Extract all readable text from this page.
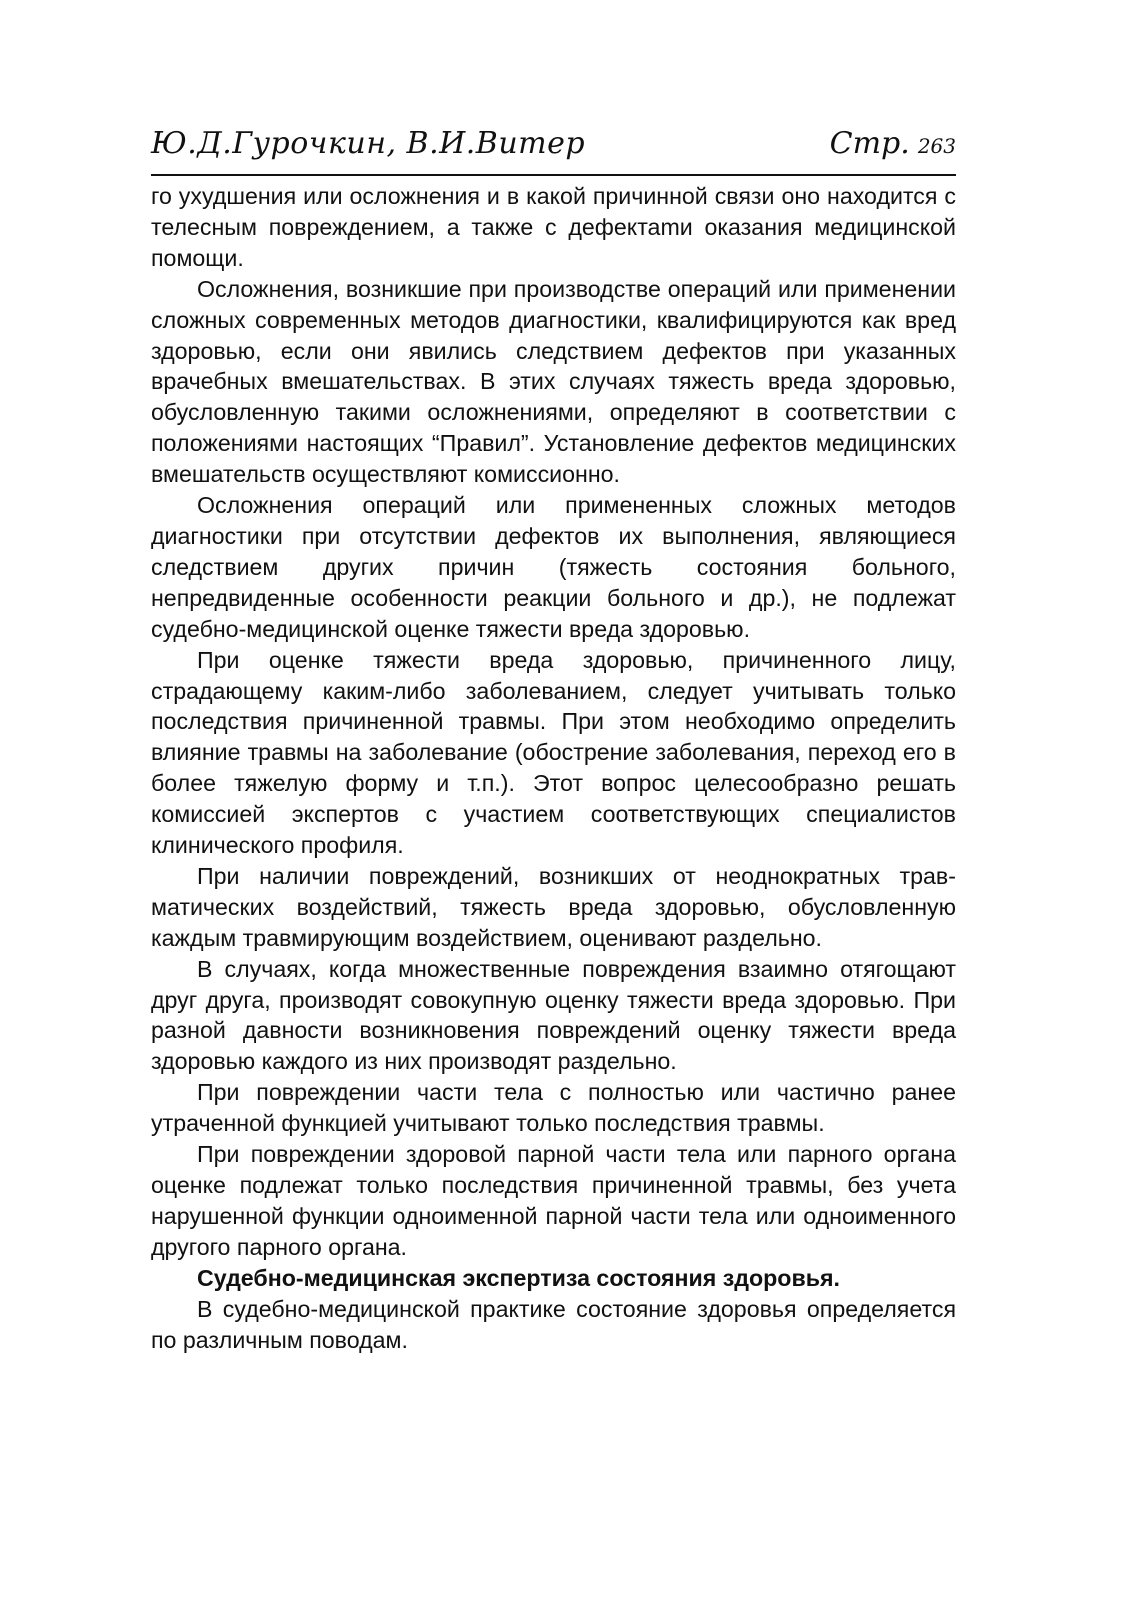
Ю.Д.Гурочкин, В.И.Витер	Стр. 263

го ухудшения или осложнения и в какой причинной связи оно находится с телесным повреждением, а также с дефектаmи оказания медицинской помощи.

Осложнения, возникшие при производстве операций или применении сложных современных методов диагностики, квалифицируются как вред здоровью, если они явились следствием дефектов при указанных врачебных вмешательствах. В этих случаях тяжесть вреда здоровью, обусловленную такими осложнениями, определяют в соответствии с положениями настоящих “Правил”. Установление дефектов медицинских вмешательств осуществляют комиссионно.

Осложнения операций или примененных сложных методов диагностики при отсутствии дефектов их выполнения, являющиеся следствием других причин (тяжесть состояния больного, непредвиденные особенности реакции больного и др.), не подлежат судебно-медицинской оценке тяжести вреда здоровью.

При оценке тяжести вреда здоровью, причиненного лицу, страдающему каким-либо заболеванием, следует учитывать только последствия причиненной травмы. При этом необходимо определить влияние травмы на заболевание (обострение заболевания, переход его в более тяжелую форму и т.п.). Этот вопрос целесообразно решать комиссией экспертов с участием соответствующих специалистов клинического профиля.

При наличии повреждений, возникших от неоднократных травматических воздействий, тяжесть вреда здоровью, обусловленную каждым травмирующим воздействием, оценивают раздельно.

В случаях, когда множественные повреждения взаимно отягощают друг друга, производят совокупную оценку тяжести вреда здоровью. При разной давности возникновения повреждений оценку тяжести вреда здоровью каждого из них производят раздельно.

При повреждении части тела с полностью или частично ранее утраченной функцией учитывают только последствия травмы.

При повреждении здоровой парной части тела или парного органа оценке подлежат только последствия причиненной травмы, без учета нарушенной функции одноименной парной части тела или одноименного другого парного органа.

Судебно-медицинская экспертиза состояния здоровья.

В судебно-медицинской практике состояние здоровья определяется по различным поводам.
